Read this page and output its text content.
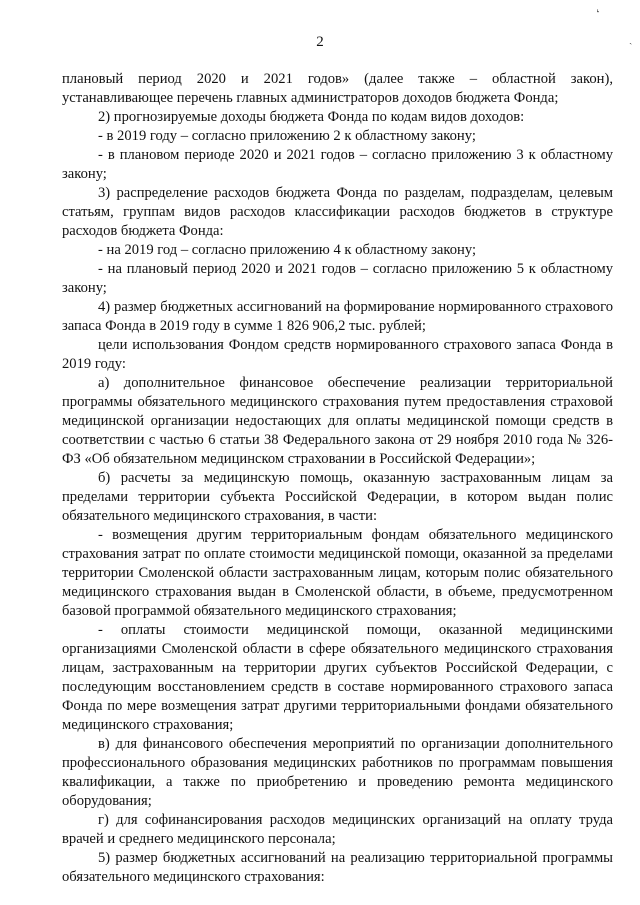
ʻ
ˏ
2

плановый период 2020 и 2021 годов» (далее также – областной закон), устанавливающее перечень главных администраторов доходов бюджета Фонда;

2) прогнозируемые доходы бюджета Фонда по кодам видов доходов:

- в 2019 году – согласно приложению 2 к областному закону;

- в плановом периоде 2020 и 2021 годов – согласно приложению 3 к областному закону;

3) распределение расходов бюджета Фонда по разделам, подразделам, целевым статьям, группам видов расходов классификации расходов бюджетов в структуре расходов бюджета Фонда:

- на 2019 год – согласно приложению 4 к областному закону;

- на плановый период 2020 и 2021 годов – согласно приложению 5 к областному закону;

4) размер бюджетных ассигнований на формирование нормированного страхового запаса Фонда в 2019 году в сумме 1 826 906,2 тыс. рублей;

цели использования Фондом средств нормированного страхового запаса Фонда в 2019 году:

а) дополнительное финансовое обеспечение реализации территориальной программы обязательного медицинского страхования путем предоставления страховой медицинской организации недостающих для оплаты медицинской помощи средств в соответствии с частью 6 статьи 38 Федерального закона от 29 ноября 2010 года № 326-ФЗ «Об обязательном медицинском страховании в Российской Федерации»;

б) расчеты за медицинскую помощь, оказанную застрахованным лицам за пределами территории субъекта Российской Федерации, в котором выдан полис обязательного медицинского страхования, в части:

- возмещения другим территориальным фондам обязательного медицинского страхования затрат по оплате стоимости медицинской помощи, оказанной за пределами территории Смоленской области застрахованным лицам, которым полис обязательного медицинского страхования выдан в Смоленской области, в объеме, предусмотренном базовой программой обязательного медицинского страхования;

- оплаты стоимости медицинской помощи, оказанной медицинскими организациями Смоленской области в сфере обязательного медицинского страхования лицам, застрахованным на территории других субъектов Российской Федерации, с последующим восстановлением средств в составе нормированного страхового запаса Фонда по мере возмещения затрат другими территориальными фондами обязательного медицинского страхования;

в) для финансового обеспечения мероприятий по организации дополнительного профессионального образования медицинских работников по программам повышения квалификации, а также по приобретению и проведению ремонта медицинского оборудования;

г) для софинансирования расходов медицинских организаций на оплату труда врачей и среднего медицинского персонала;

5) размер бюджетных ассигнований на реализацию территориальной программы обязательного медицинского страхования:
